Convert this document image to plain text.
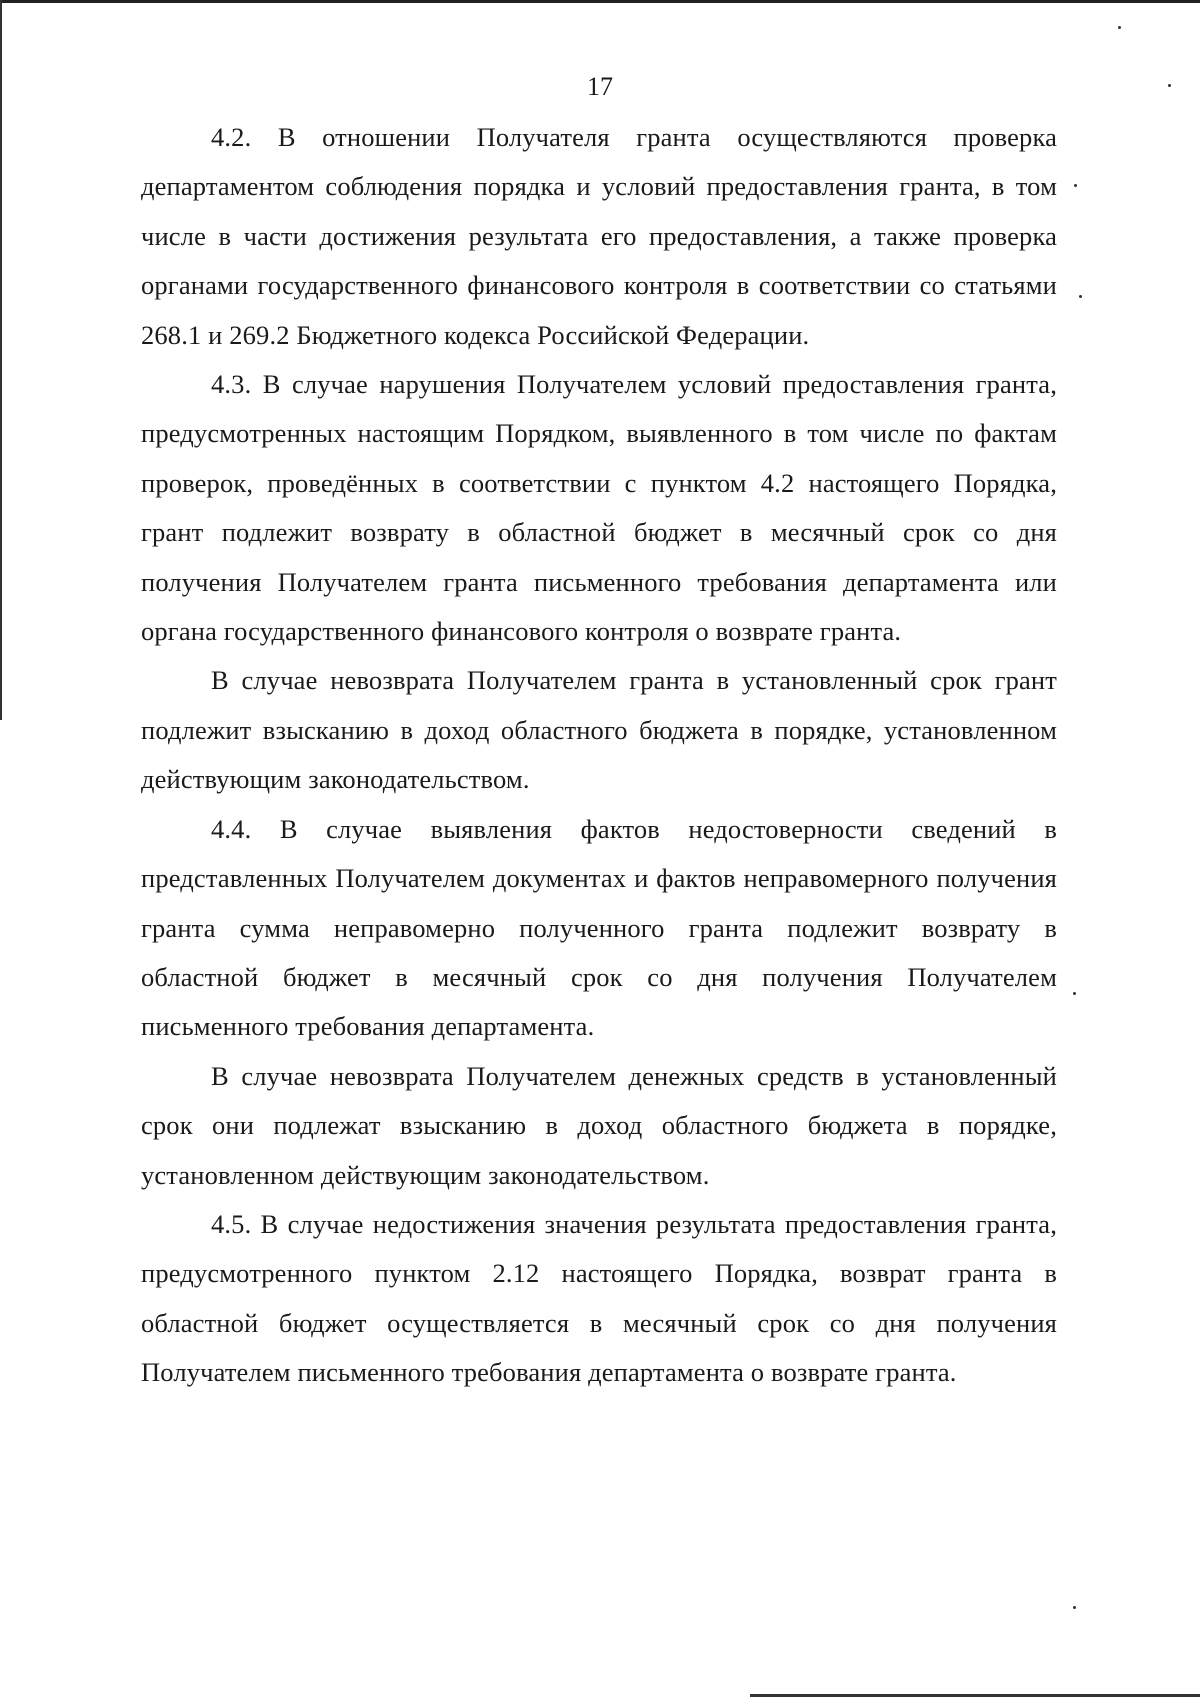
17

4.2. В отношении Получателя гранта осуществляются проверка департаментом соблюдения порядка и условий предоставления гранта, в том числе в части достижения результата его предоставления, а также проверка органами государственного финансового контроля в соответствии со статьями 268.1 и 269.2 Бюджетного кодекса Российской Федерации.

4.3. В случае нарушения Получателем условий предоставления гранта, предусмотренных настоящим Порядком, выявленного в том числе по фактам проверок, проведённых в соответствии с пунктом 4.2 настоящего Порядка, грант подлежит возврату в областной бюджет в месячный срок со дня получения Получателем гранта письменного требования департамента или органа государственного финансового контроля о возврате гранта.

В случае невозврата Получателем гранта в установленный срок грант подлежит взысканию в доход областного бюджета в порядке, установленном действующим законодательством.

4.4. В случае выявления фактов недостоверности сведений в представленных Получателем документах и фактов неправомерного получения гранта сумма неправомерно полученного гранта подлежит возврату в областной бюджет в месячный срок со дня получения Получателем письменного требования департамента.

В случае невозврата Получателем денежных средств в установленный срок они подлежат взысканию в доход областного бюджета в порядке, установленном действующим законодательством.

4.5. В случае недостижения значения результата предоставления гранта, предусмотренного пунктом 2.12 настоящего Порядка, возврат гранта в областной бюджет осуществляется в месячный срок со дня получения Получателем письменного требования департамента о возврате гранта.
